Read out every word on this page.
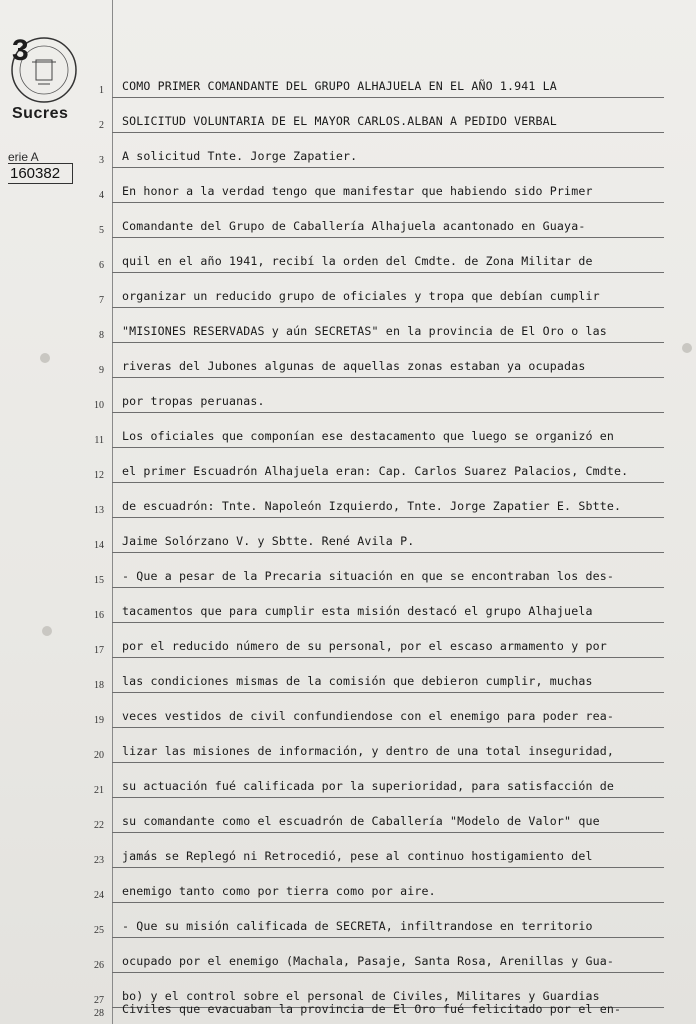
3
Sucres
erie A
160382
1 COMO PRIMER COMANDANTE DEL GRUPO ALHAJUELA EN EL AÑO 1.941 LA
2 SOLICITUD VOLUNTARIA DE EL MAYOR CARLOS.ALBAN A PEDIDO VERBAL
3 A solicitud Tnte. Jorge Zapatier.
4 En honor a la verdad tengo que manifestar que habiendo sido Primer
5 Comandante del Grupo de Caballería Alhajuela acantonado en Guaya-
6 quil en el año 1941, recibí la orden del Cmdte. de Zona Militar de
7 organizar un reducido grupo de oficiales y tropa que debían cumplir
8 "MISIONES RESERVADAS y aún SECRETAS" en la provincia de El Oro o las
9 riveras del Jubones algunas de aquellas zonas estaban ya ocupadas
10 por tropas peruanas.
11 Los oficiales que componían ese destacamento que luego se organizó en
12 el primer Escuadrón Alhajuela eran: Cap. Carlos Suarez Palacios, Cmdte.
13 de escuadrón: Tnte. Napoleón Izquierdo, Tnte. Jorge Zapatier E. Sbtte.
14 Jaime Solórzano V. y Sbtte. René Avila P.
15 - Que a pesar de la Precaria situación en que se encontraban los des-
16 tacamentos que para cumplir esta misión destacó el grupo Alhajuela
17 por el reducido número de su personal, por el escaso armamento y por
18 las condiciones mismas de la comisión que debieron cumplir, muchas
19 veces vestidos de civil confundiendose con el enemigo para poder rea-
20 lizar las misiones de información, y dentro de una total inseguridad,
21 su actuación fué calificada por la superioridad, para satisfacción de
22 su comandante como el escuadrón de Caballería "Modelo de Valor" que
23 jamás se Replegó ni Retrocedió, pese al continuo hostigamiento del
24 enemigo tanto como por tierra como por aire.
25 - Que su misión calificada de SECRETA, infiltrandose en territorio
26 ocupado por el enemigo (Machala, Pasaje, Santa Rosa, Arenillas y Gua-
27 bo) y el control sobre el personal de Civiles, Militares y Guardias
28 Civiles que evacuaban la provincia de El Oro fué felicitado por el en-
